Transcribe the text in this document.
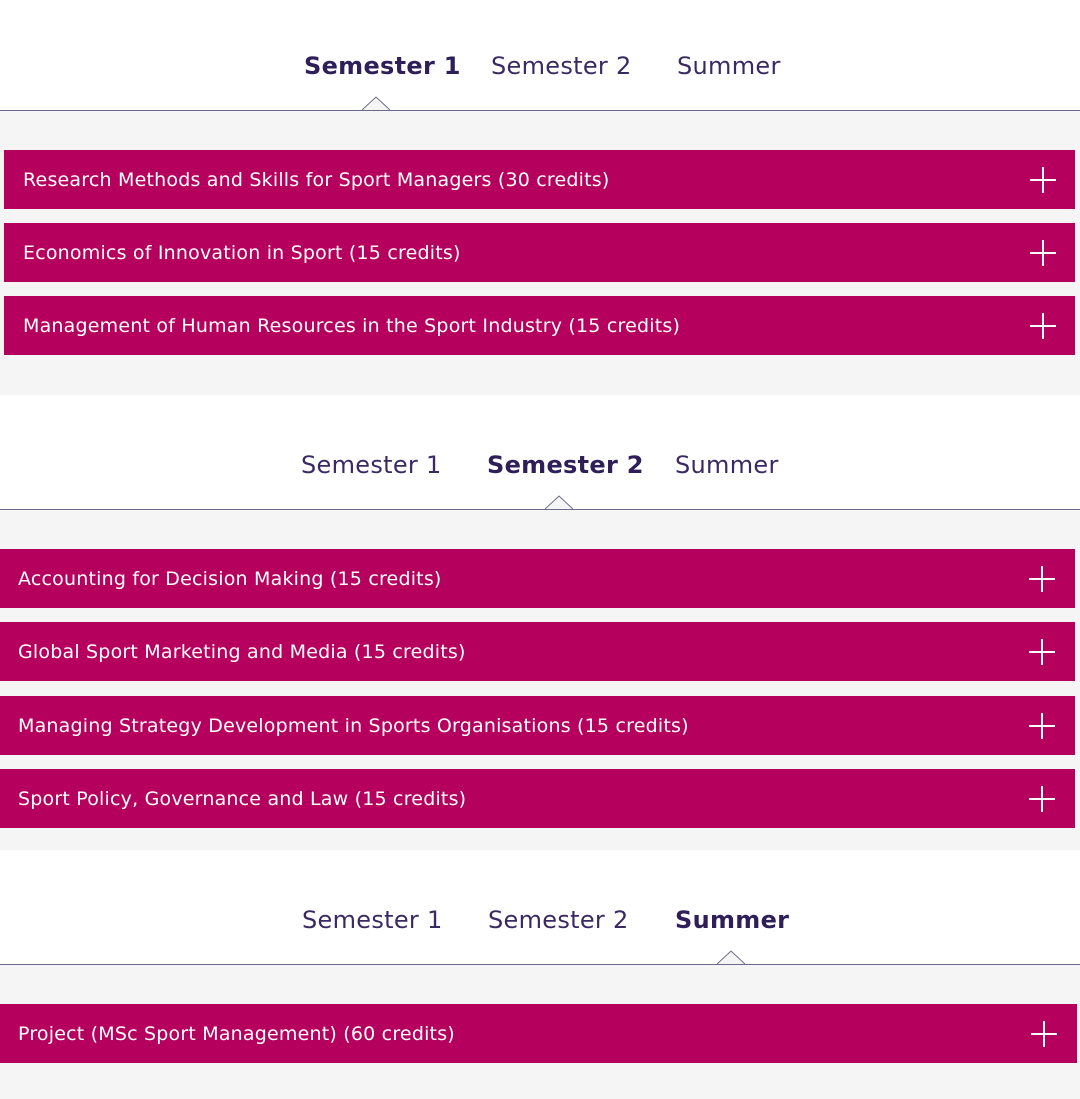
Semester 1 Semester 2 Summer
Research Methods and Skills for Sport Managers (30 credits)
Economics of Innovation in Sport (15 credits)
Management of Human Resources in the Sport Industry (15 credits)
Semester 1 Semester 2 Summer
Accounting for Decision Making (15 credits)
Global Sport Marketing and Media (15 credits)
Managing Strategy Development in Sports Organisations (15 credits)
Sport Policy, Governance and Law (15 credits)
Semester 1 Semester 2 Summer
Project (MSc Sport Management) (60 credits)
